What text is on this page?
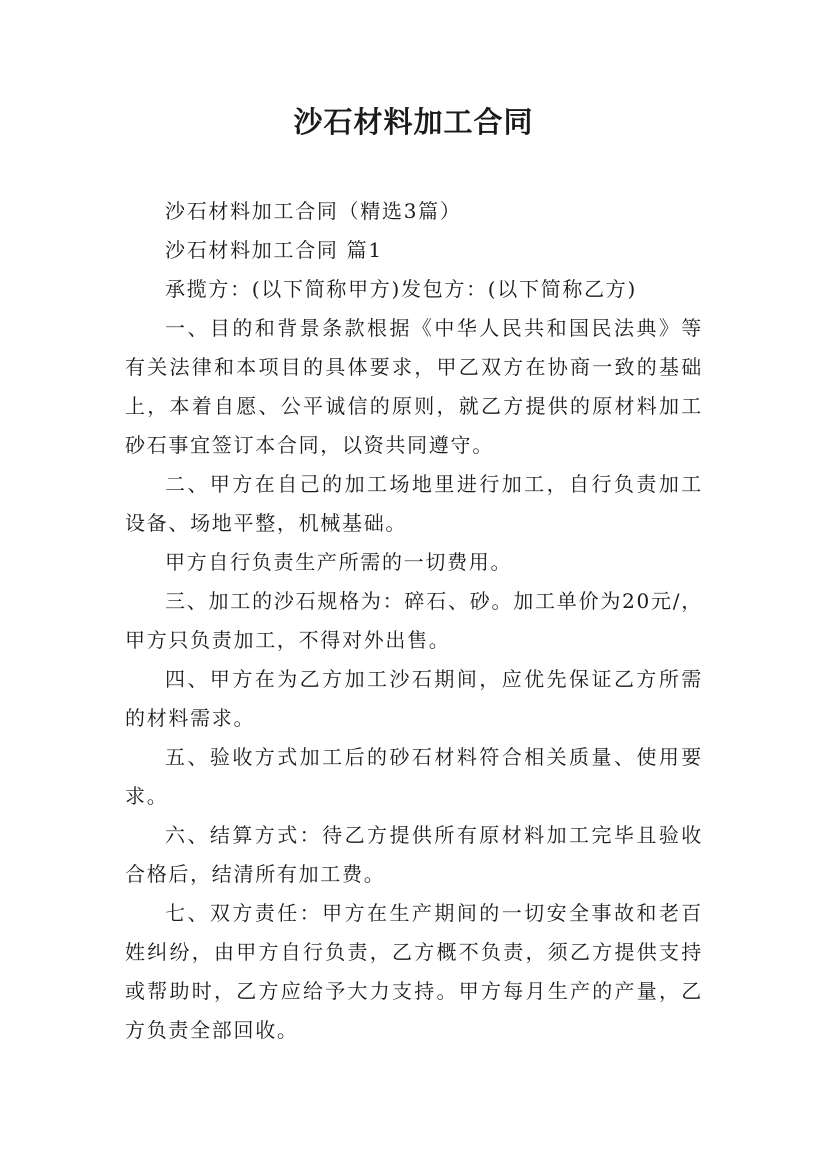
沙石材料加工合同

沙石材料加工合同（精选3篇）

沙石材料加工合同 篇1

承揽方：(以下简称甲方)发包方：(以下简称乙方)

一、目的和背景条款根据《中华人民共和国民法典》等有关法律和本项目的具体要求，甲乙双方在协商一致的基础上，本着自愿、公平诚信的原则，就乙方提供的原材料加工砂石事宜签订本合同，以资共同遵守。

二、甲方在自己的加工场地里进行加工，自行负责加工设备、场地平整，机械基础。

甲方自行负责生产所需的一切费用。

三、加工的沙石规格为：碎石、砂。加工单价为20元/，甲方只负责加工，不得对外出售。

四、甲方在为乙方加工沙石期间，应优先保证乙方所需的材料需求。

五、验收方式加工后的砂石材料符合相关质量、使用要求。

六、结算方式：待乙方提供所有原材料加工完毕且验收合格后，结清所有加工费。

七、双方责任：甲方在生产期间的一切安全事故和老百姓纠纷，由甲方自行负责，乙方概不负责，须乙方提供支持或帮助时，乙方应给予大力支持。甲方每月生产的产量，乙方负责全部回收。
